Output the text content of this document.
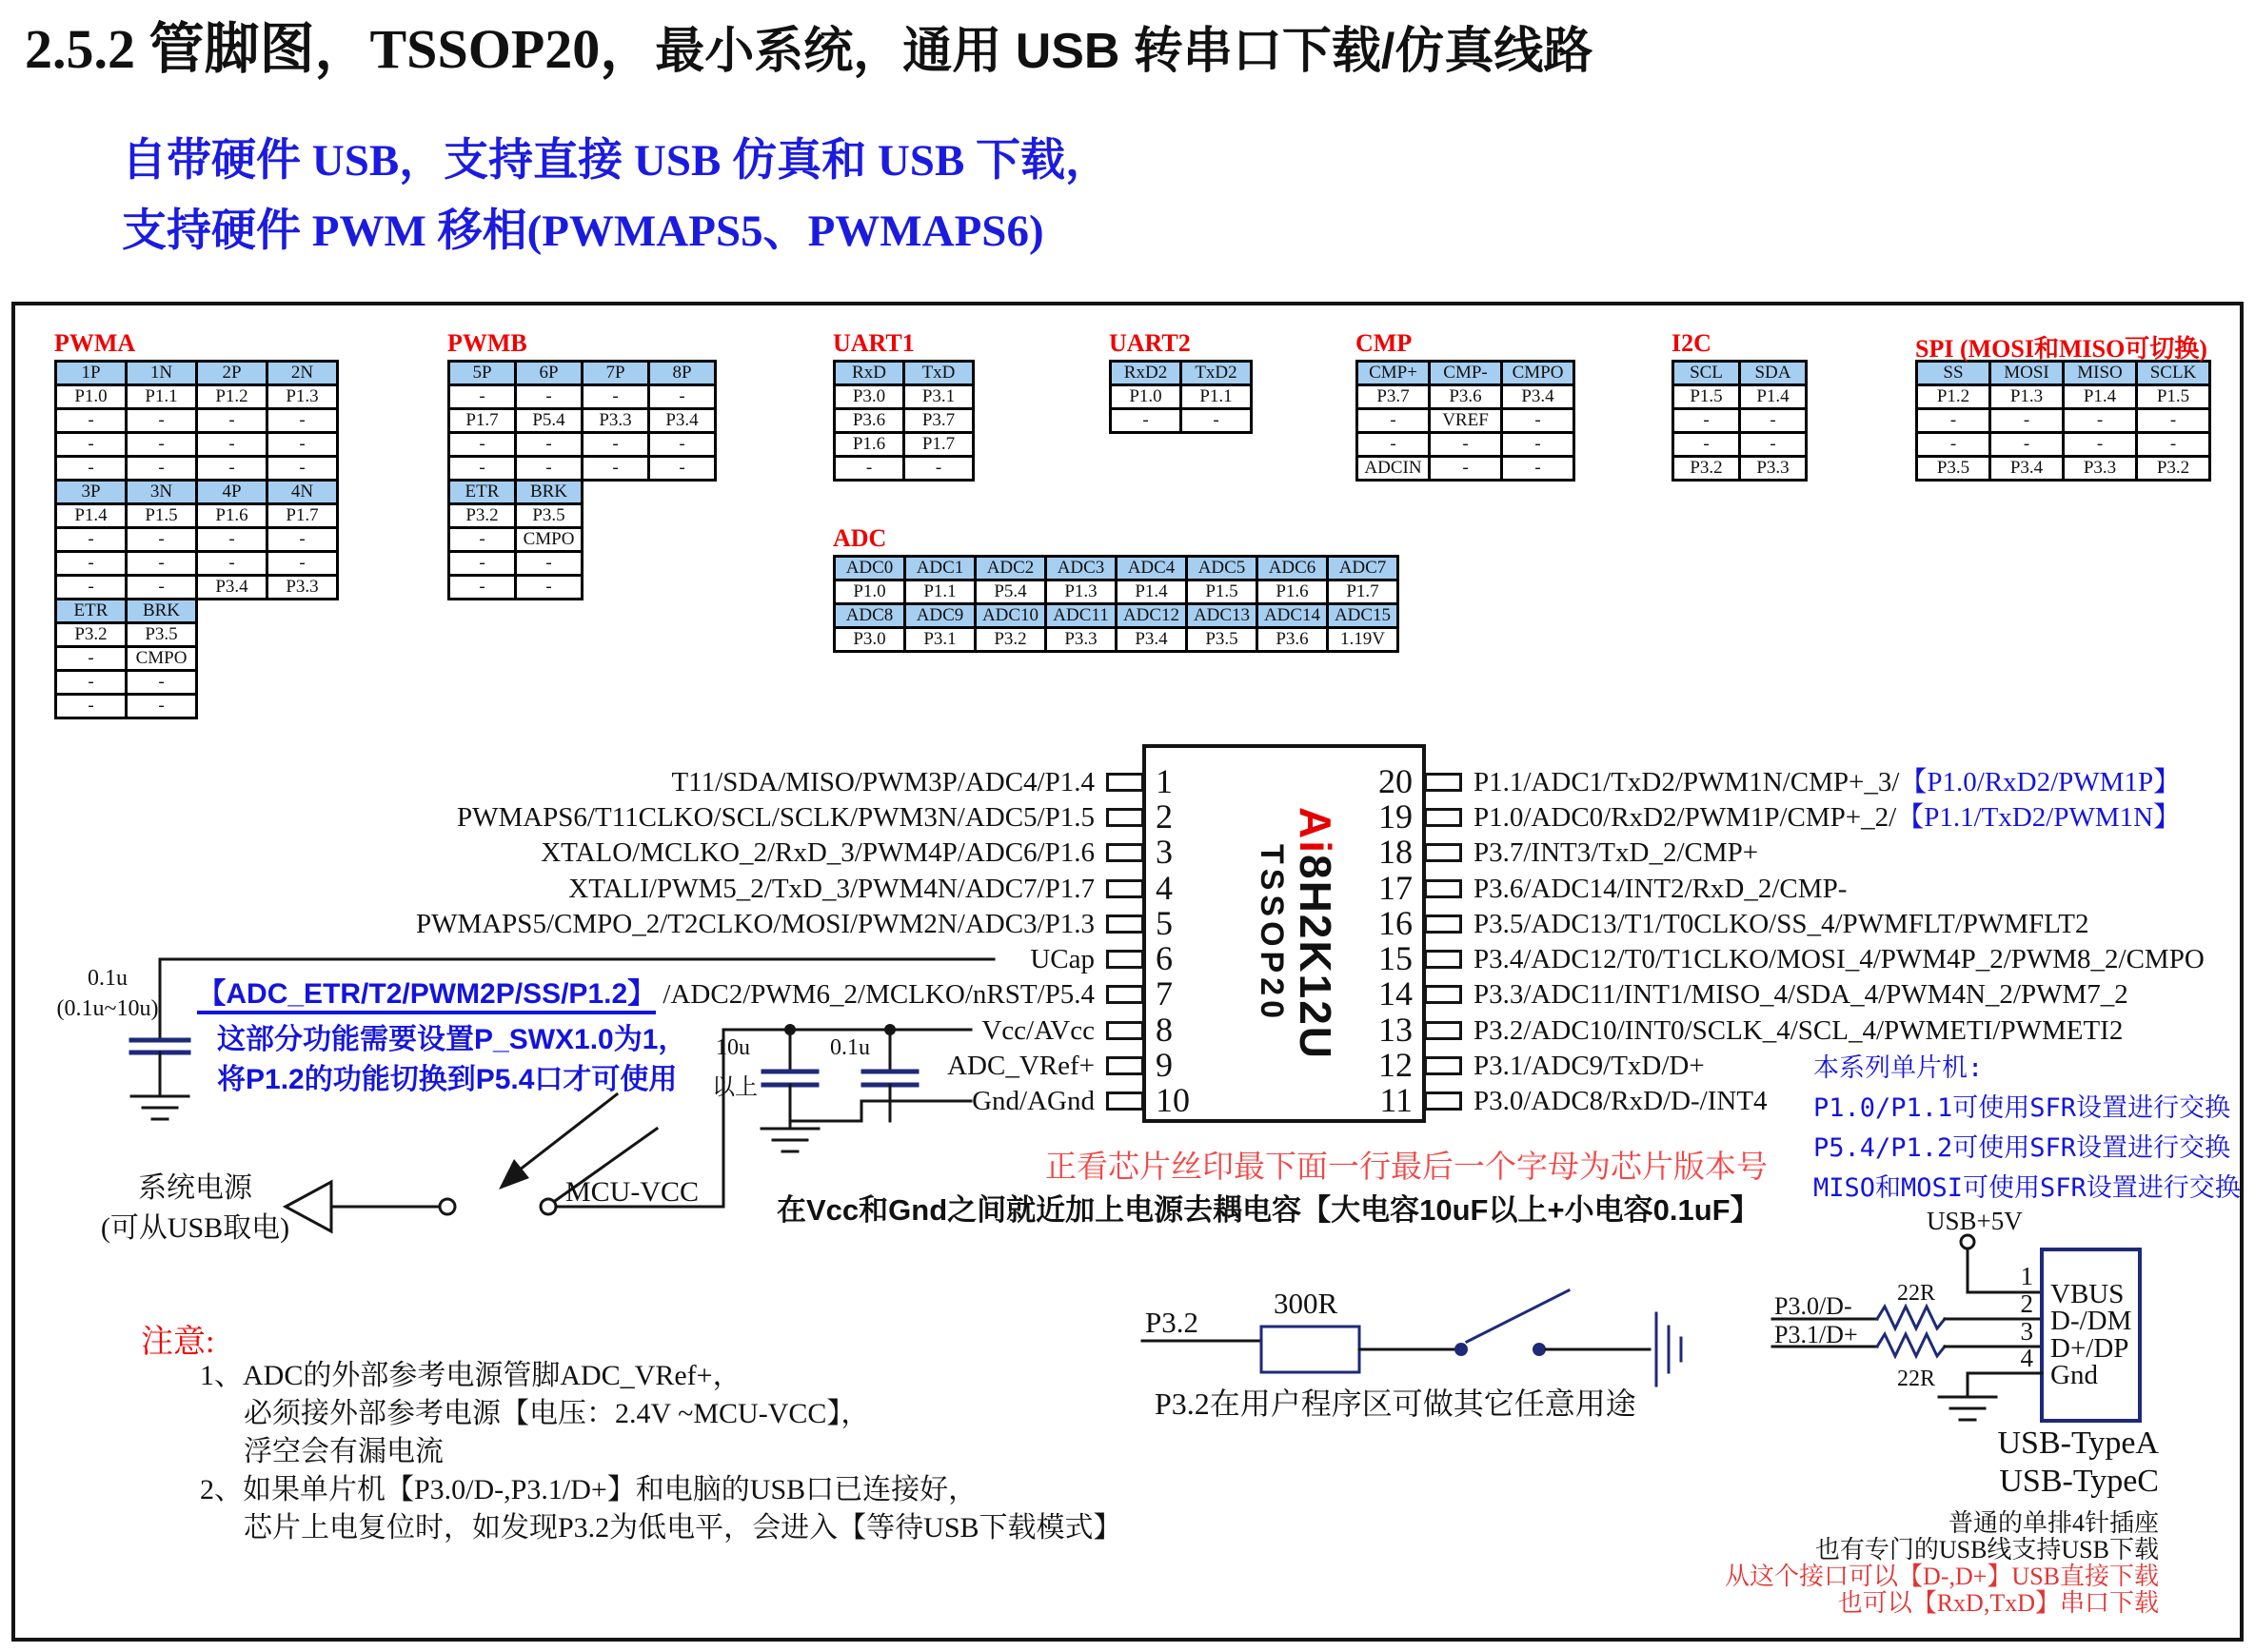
2.5.2 管脚图，TSSOP20，最小系统，通用 USB 转串口下载/仿真线路
自带硬件 USB，支持直接 USB 仿真和 USB 下载，
支持硬件 PWM 移相(PWMAPS5、PWMAPS6)
PWMA
1P	1N	2P	2N
P1.0	P1.1	P1.2	P1.3
-	-	-	-
-	-	-	-
-	-	-	-
3P	3N	4P	4N
P1.4	P1.5	P1.6	P1.7
-	-	-	-
-	-	-	-
-	-	P3.4	P3.3
ETR	BRK
P3.2	P3.5
-	CMPO
-	-
-	-
PWMB
5P	6P	7P	8P
-	-	-	-
P1.7	P5.4	P3.3	P3.4
-	-	-	-
-	-	-	-
ETR	BRK
P3.2	P3.5
-	CMPO
-	-
-	-
UART1
RxD	TxD
P3.0	P3.1
P3.6	P3.7
P1.6	P1.7
-	-
UART2
RxD2	TxD2
P1.0	P1.1
-	-
CMP
CMP+	CMP-	CMPO
P3.7	P3.6	P3.4
-	VREF	-
-	-	-
ADCIN	-	-
I2C
SCL	SDA
P1.5	P1.4
-	-
-	-
P3.2	P3.3
SPI (MOSI和MISO可切换)
SS	MOSI	MISO	SCLK
P1.2	P1.3	P1.4	P1.5
-	-	-	-
-	-	-	-
P3.5	P3.4	P3.3	P3.2
ADC
ADC0	ADC1	ADC2	ADC3	ADC4	ADC5	ADC6	ADC7
P1.0	P1.1	P5.4	P1.3	P1.4	P1.5	P1.6	P1.7
ADC8	ADC9	ADC10 ADC11 ADC12 ADC13 ADC14 ADC15
P3.0	P3.1	P3.2	P3.3	P3.4	P3.5	P3.6	1.19V
Ai8H2K12U
TSSOP20
1
T11/SDA/MISO/PWM3P/ADC4/P1.4
2
PWMAPS6/T11CLKO/SCL/SCLK/PWM3N/ADC5/P1.5
3
XTALO/MCLKO_2/RxD_3/PWM4P/ADC6/P1.6
4
XTALI/PWM5_2/TxD_3/PWM4N/ADC7/P1.7
5
PWMAPS5/CMPO_2/T2CLKO/MOSI/PWM2N/ADC3/P1.3
6
UCap
7
【ADC_ETR/T2/PWM2P/SS/P1.2】 /ADC2/PWM6_2/MCLKO/nRST/P5.4
8
Vcc/AVcc
9
ADC_VRef+
10
Gnd/AGnd
20 P1.1/ADC1/TxD2/PWM1N/CMP+_3/【P1.0/RxD2/PWM1P】
19 P1.0/ADC0/RxD2/PWM1P/CMP+_2/【P1.1/TxD2/PWM1N】
18 P3.7/INT3/TxD_2/CMP+
17 P3.6/ADC14/INT2/RxD_2/CMP-
16 P3.5/ADC13/T1/T0CLKO/SS_4/PWMFLT/PWMFLT2
15 P3.4/ADC12/T0/T1CLKO/MOSI_4/PWM4P_2/PWM8_2/CMPO
14 P3.3/ADC11/INT1/MISO_4/SDA_4/PWM4N_2/PWM7_2
13 P3.2/ADC10/INT0/SCLK_4/SCL_4/PWMETI/PWMETI2
12 P3.1/ADC9/TxD/D+
11 P3.0/ADC8/RxD/D-/INT4
0.1u
(0.1u~10u)
这部分功能需要设置P_SWX1.0为1，
将P1.2的功能切换到P5.4口才可使用
10u
以上
0.1u
系统电源
(可从USB取电)
MCU-VCC
正看芯片丝印最下面一行最后一个字母为芯片版本号
在Vcc和Gnd之间就近加上电源去耦电容【大电容10uF以上+小电容0.1uF】
本系列单片机:
P1.0/P1.1可使用SFR设置进行交换
P5.4/P1.2可使用SFR设置进行交换
MISO和MOSI可使用SFR设置进行交换
注意:
1、ADC的外部参考电源管脚ADC_VRef+，
必须接外部参考电源【电压：2.4V ~MCU-VCC】，
浮空会有漏电流
2、如果单片机【P3.0/D-,P3.1/D+】和电脑的USB口已连接好，
芯片上电复位时，如发现P3.2为低电平，会进入【等待USB下载模式】
P3.2
300R
P3.2在用户程序区可做其它任意用途
USB+5V
P3.0/D-
P3.1/D+
22R
22R
1
2
3
4
VBUS
D-/DM
D+/DP
Gnd
USB-TypeA
USB-TypeC
普通的单排4针插座
也有专门的USB线支持USB下载
从这个接口可以【D-,D+】USB直接下载
也可以【RxD,TxD】串口下载
